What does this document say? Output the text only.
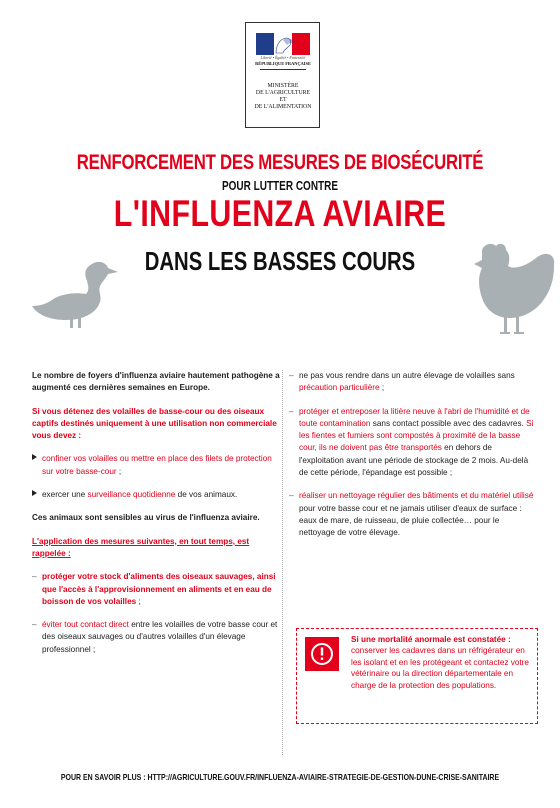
Liberté • Égalité • Fraternité
RÉPUBLIQUE FRANÇAISE
MINISTÈRE
DE L'AGRICULTURE
ET
DE L'ALIMENTATION
RENFORCEMENT DES MESURES DE BIOSÉCURITÉ
POUR LUTTER CONTRE
L'INFLUENZA AVIAIRE
DANS LES BASSES COURS

Le nombre de foyers d'influenza aviaire hautement pathogène a augmenté ces dernières semaines en Europe.

Si vous détenez des volailles de basse-cour ou des oiseaux captifs destinés uniquement à une utilisation non commerciale vous devez :

confiner vos volailles ou mettre en place des filets de protection sur votre basse-cour ;

exercer une surveillance quotidienne de vos animaux.

Ces animaux sont sensibles au virus de l'influenza aviaire.

L'application des mesures suivantes, en tout temps, est rappelée :

– protéger votre stock d'aliments des oiseaux sauvages, ainsi que l'accès à l'approvisionnement en aliments et en eau de boisson de vos volailles ;

– éviter tout contact direct entre les volailles de votre basse cour et des oiseaux sauvages ou d'autres volailles d'un élevage professionnel ;

– ne pas vous rendre dans un autre élevage de volailles sans précaution particulière ;

– protéger et entreposer la litière neuve à l'abri de l'humidité et de toute contamination sans contact possible avec des cadavres. Si les fientes et fumiers sont compostés à proximité de la basse cour, ils ne doivent pas être transportés en dehors de l'exploitation avant une période de stockage de 2 mois. Au-delà de cette période, l'épandage est possible ;

– réaliser un nettoyage régulier des bâtiments et du matériel utilisé pour votre basse cour et ne jamais utiliser d'eaux de surface : eaux de mare, de ruisseau, de pluie collectée… pour le nettoyage de votre élevage.

Si une mortalité anormale est constatée : conserver les cadavres dans un réfrigérateur en les isolant et en les protégeant et contactez votre vétérinaire ou la direction départementale en charge de la protection des populations.
POUR EN SAVOIR PLUS : HTTP://AGRICULTURE.GOUV.FR/INFLUENZA-AVIAIRE-STRATEGIE-DE-GESTION-DUNE-CRISE-SANITAIRE
